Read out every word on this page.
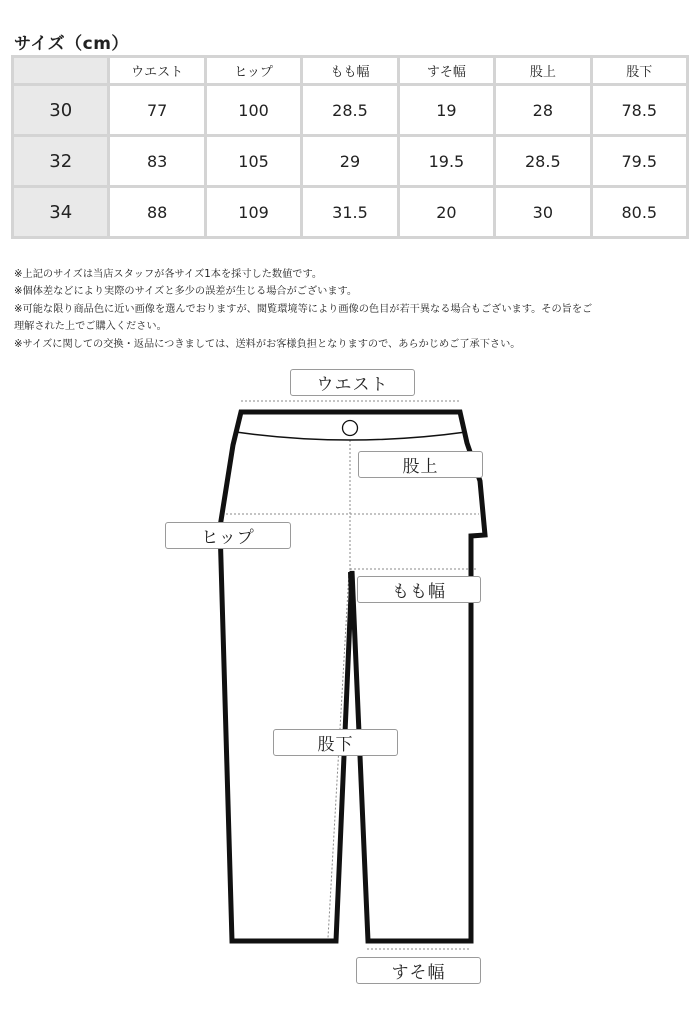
サイズ（cm）
	ウエスト	ヒップ	もも幅	すそ幅	股上	股下
30	77	100	28.5	19	28	78.5
32	83	105	29	19.5	28.5	79.5
34	88	109	31.5	20	30	80.5
※上記のサイズは当店スタッフが各サイズ1本を採寸した数値です。
※個体差などにより実際のサイズと多少の誤差が生じる場合がございます。
※可能な限り商品色に近い画像を選んでおりますが、閲覧環境等により画像の色目が若干異なる場合もございます。その旨をご
理解された上でご購入ください。
※サイズに関しての交換・返品につきましては、送料がお客様負担となりますので、あらかじめご了承下さい。
ウエスト
股上
ヒップ
もも幅
股下
すそ幅
